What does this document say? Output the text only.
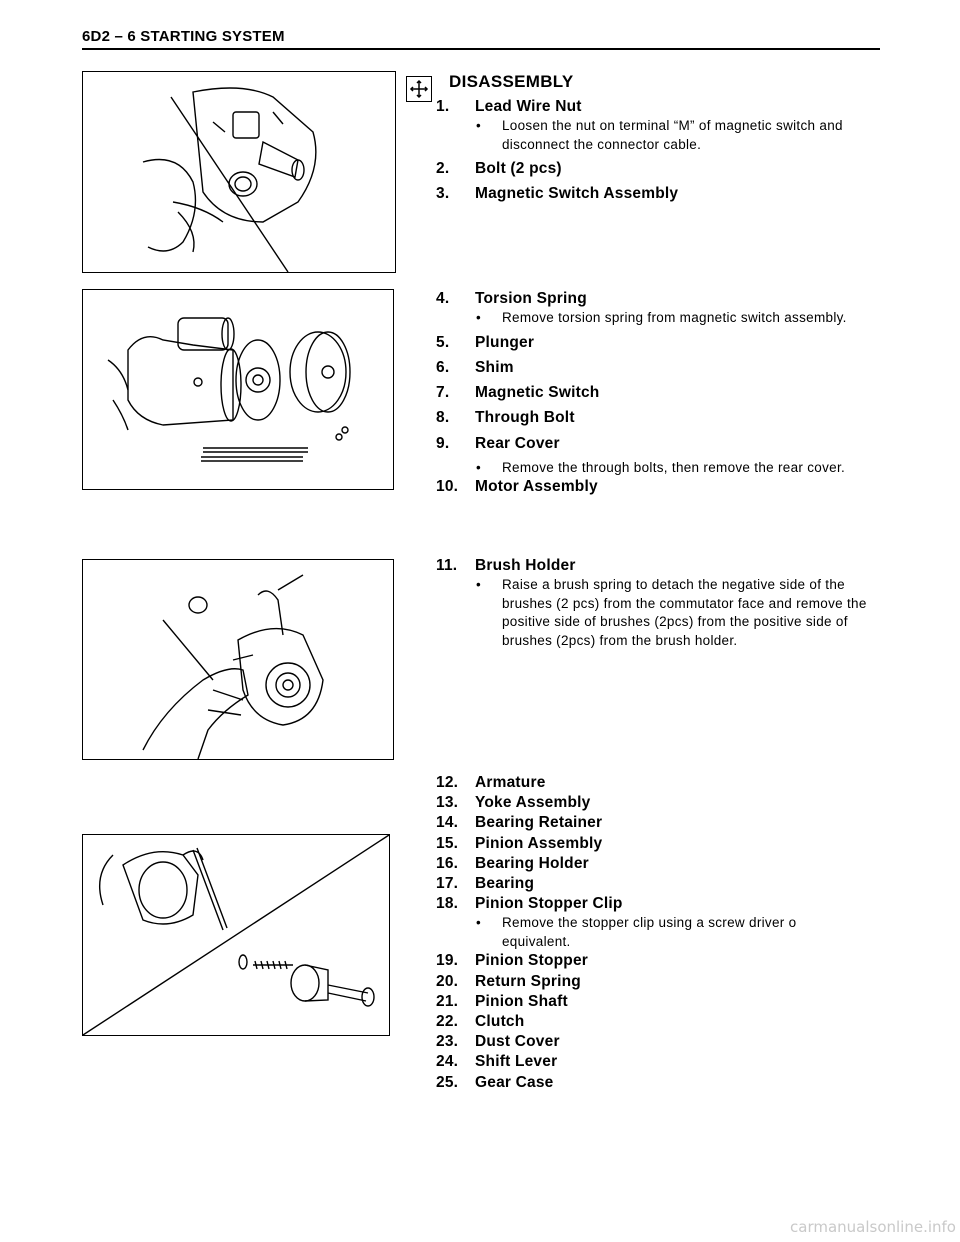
6D2 – 6 STARTING SYSTEM
DISASSEMBLY
1. Lead Wire Nut
• Loosen the nut on terminal “M” of magnetic switch and disconnect the connector cable.
2. Bolt (2 pcs)
3. Magnetic Switch Assembly
4. Torsion Spring
• Remove torsion spring from magnetic switch assembly.
5. Plunger
6. Shim
7. Magnetic Switch
8. Through Bolt
9. Rear Cover
• Remove the through bolts, then remove the rear cover.
10. Motor Assembly
11. Brush Holder
• Raise a brush spring to detach the negative side of the brushes (2 pcs) from the commutator face and remove the positive side of brushes (2pcs) from the positive side of brushes (2pcs) from the brush holder.
12. Armature
13. Yoke Assembly
14. Bearing Retainer
15. Pinion Assembly
16. Bearing Holder
17. Bearing
18. Pinion Stopper Clip
• Remove the stopper clip using a screw driver o equivalent.
19. Pinion Stopper
20. Return Spring
21. Pinion Shaft
22. Clutch
23. Dust Cover
24. Shift Lever
25. Gear Case
carmanualsonline.info
